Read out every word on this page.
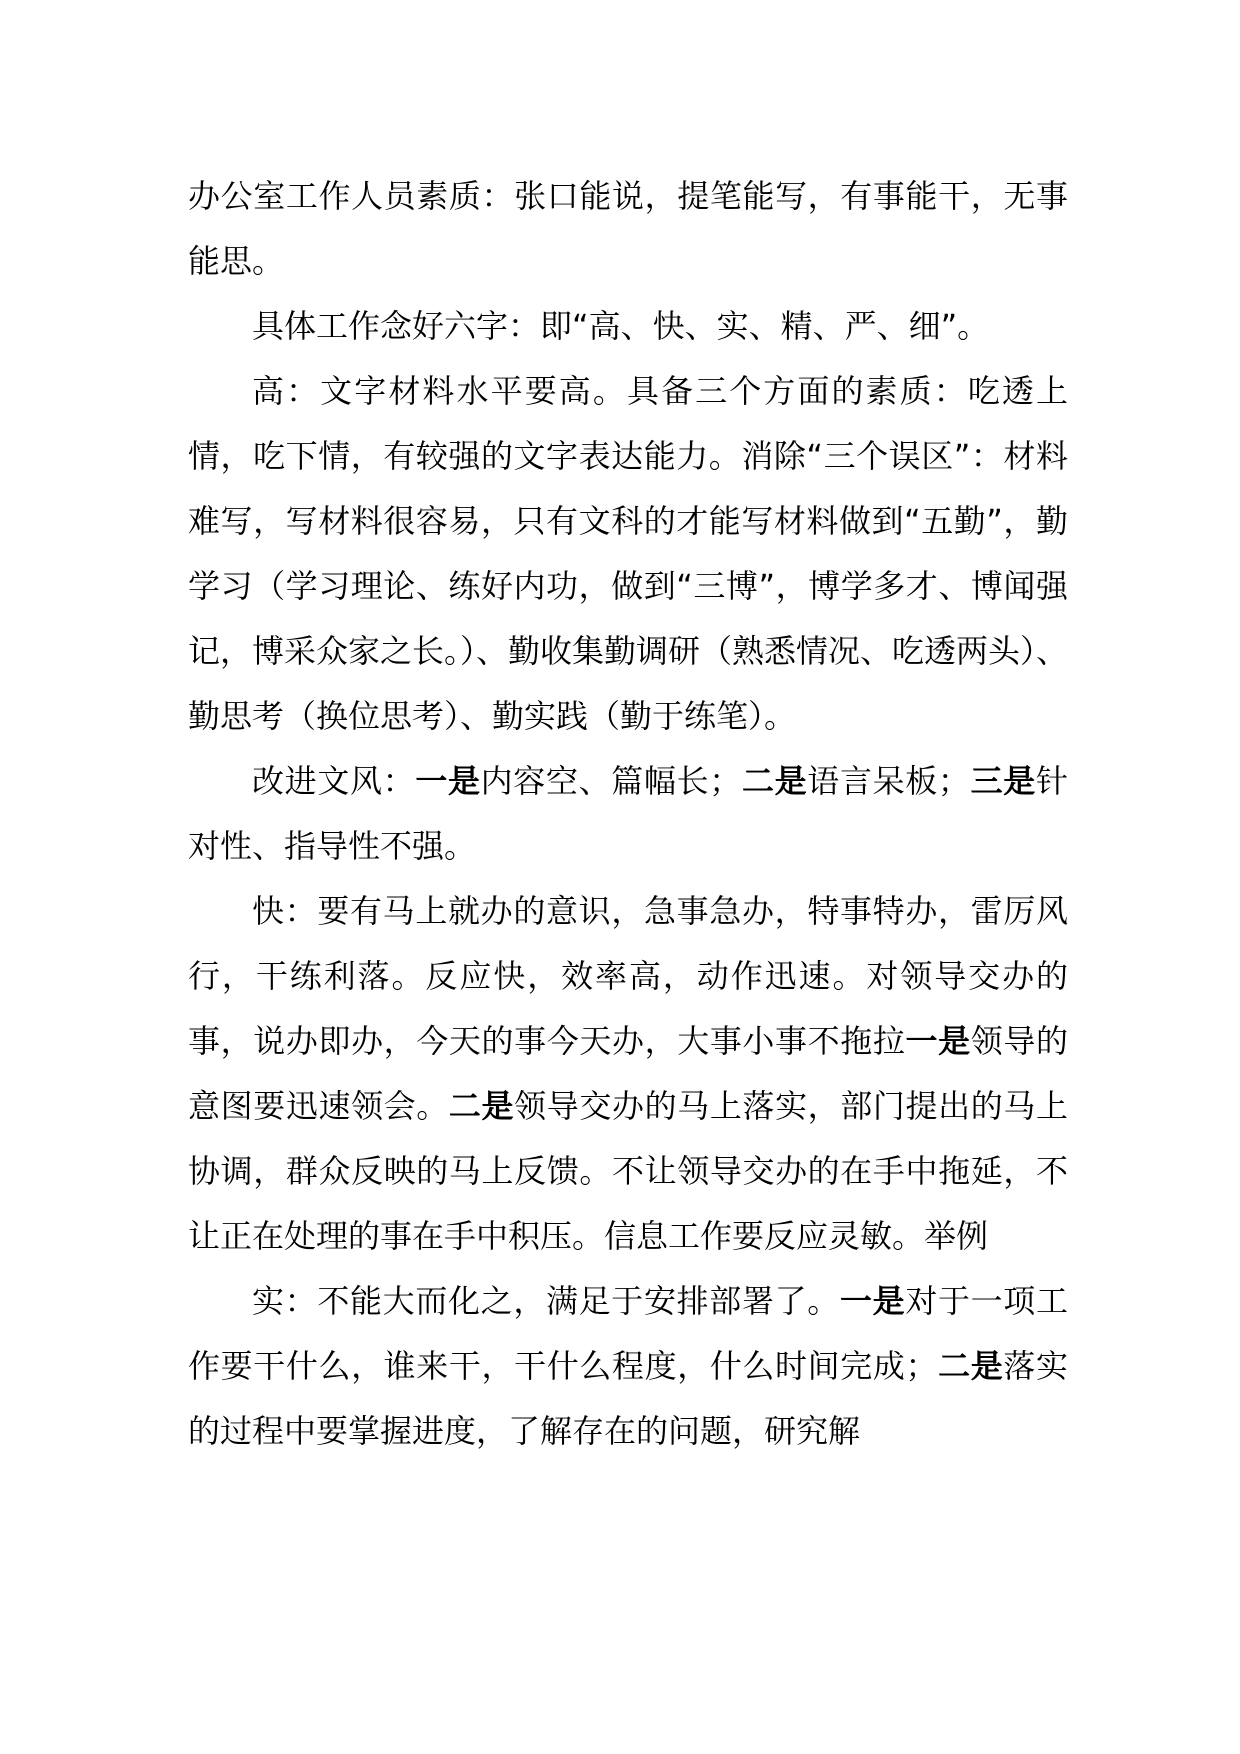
办公室工作人员素质：张口能说，提笔能写，有事能干，无事能思。

具体工作念好六字：即“高、快、实、精、严、细”。

高：文字材料水平要高。具备三个方面的素质：吃透上情，吃下情，有较强的文字表达能力。消除“三个误区”：材料难写，写材料很容易，只有文科的才能写材料做到“五勤”，勤学习（学习理论、练好内功，做到“三博”，博学多才、博闻强记，博采众家之长。）、勤收集勤调研（熟悉情况、吃透两头）、勤思考（换位思考）、勤实践（勤于练笔）。

改进文风：一是内容空、篇幅长；二是语言呆板；三是针对性、指导性不强。

快：要有马上就办的意识，急事急办，特事特办，雷厉风行，干练利落。反应快，效率高，动作迅速。对领导交办的事，说办即办，今天的事今天办，大事小事不拖拉一是领导的意图要迅速领会。二是领导交办的马上落实，部门提出的马上协调，群众反映的马上反馈。不让领导交办的在手中拖延，不让正在处理的事在手中积压。信息工作要反应灵敏。举例

实：不能大而化之，满足于安排部署了。一是对于一项工作要干什么，谁来干，干什么程度，什么时间完成；二是落实的过程中要掌握进度，了解存在的问题，研究解
